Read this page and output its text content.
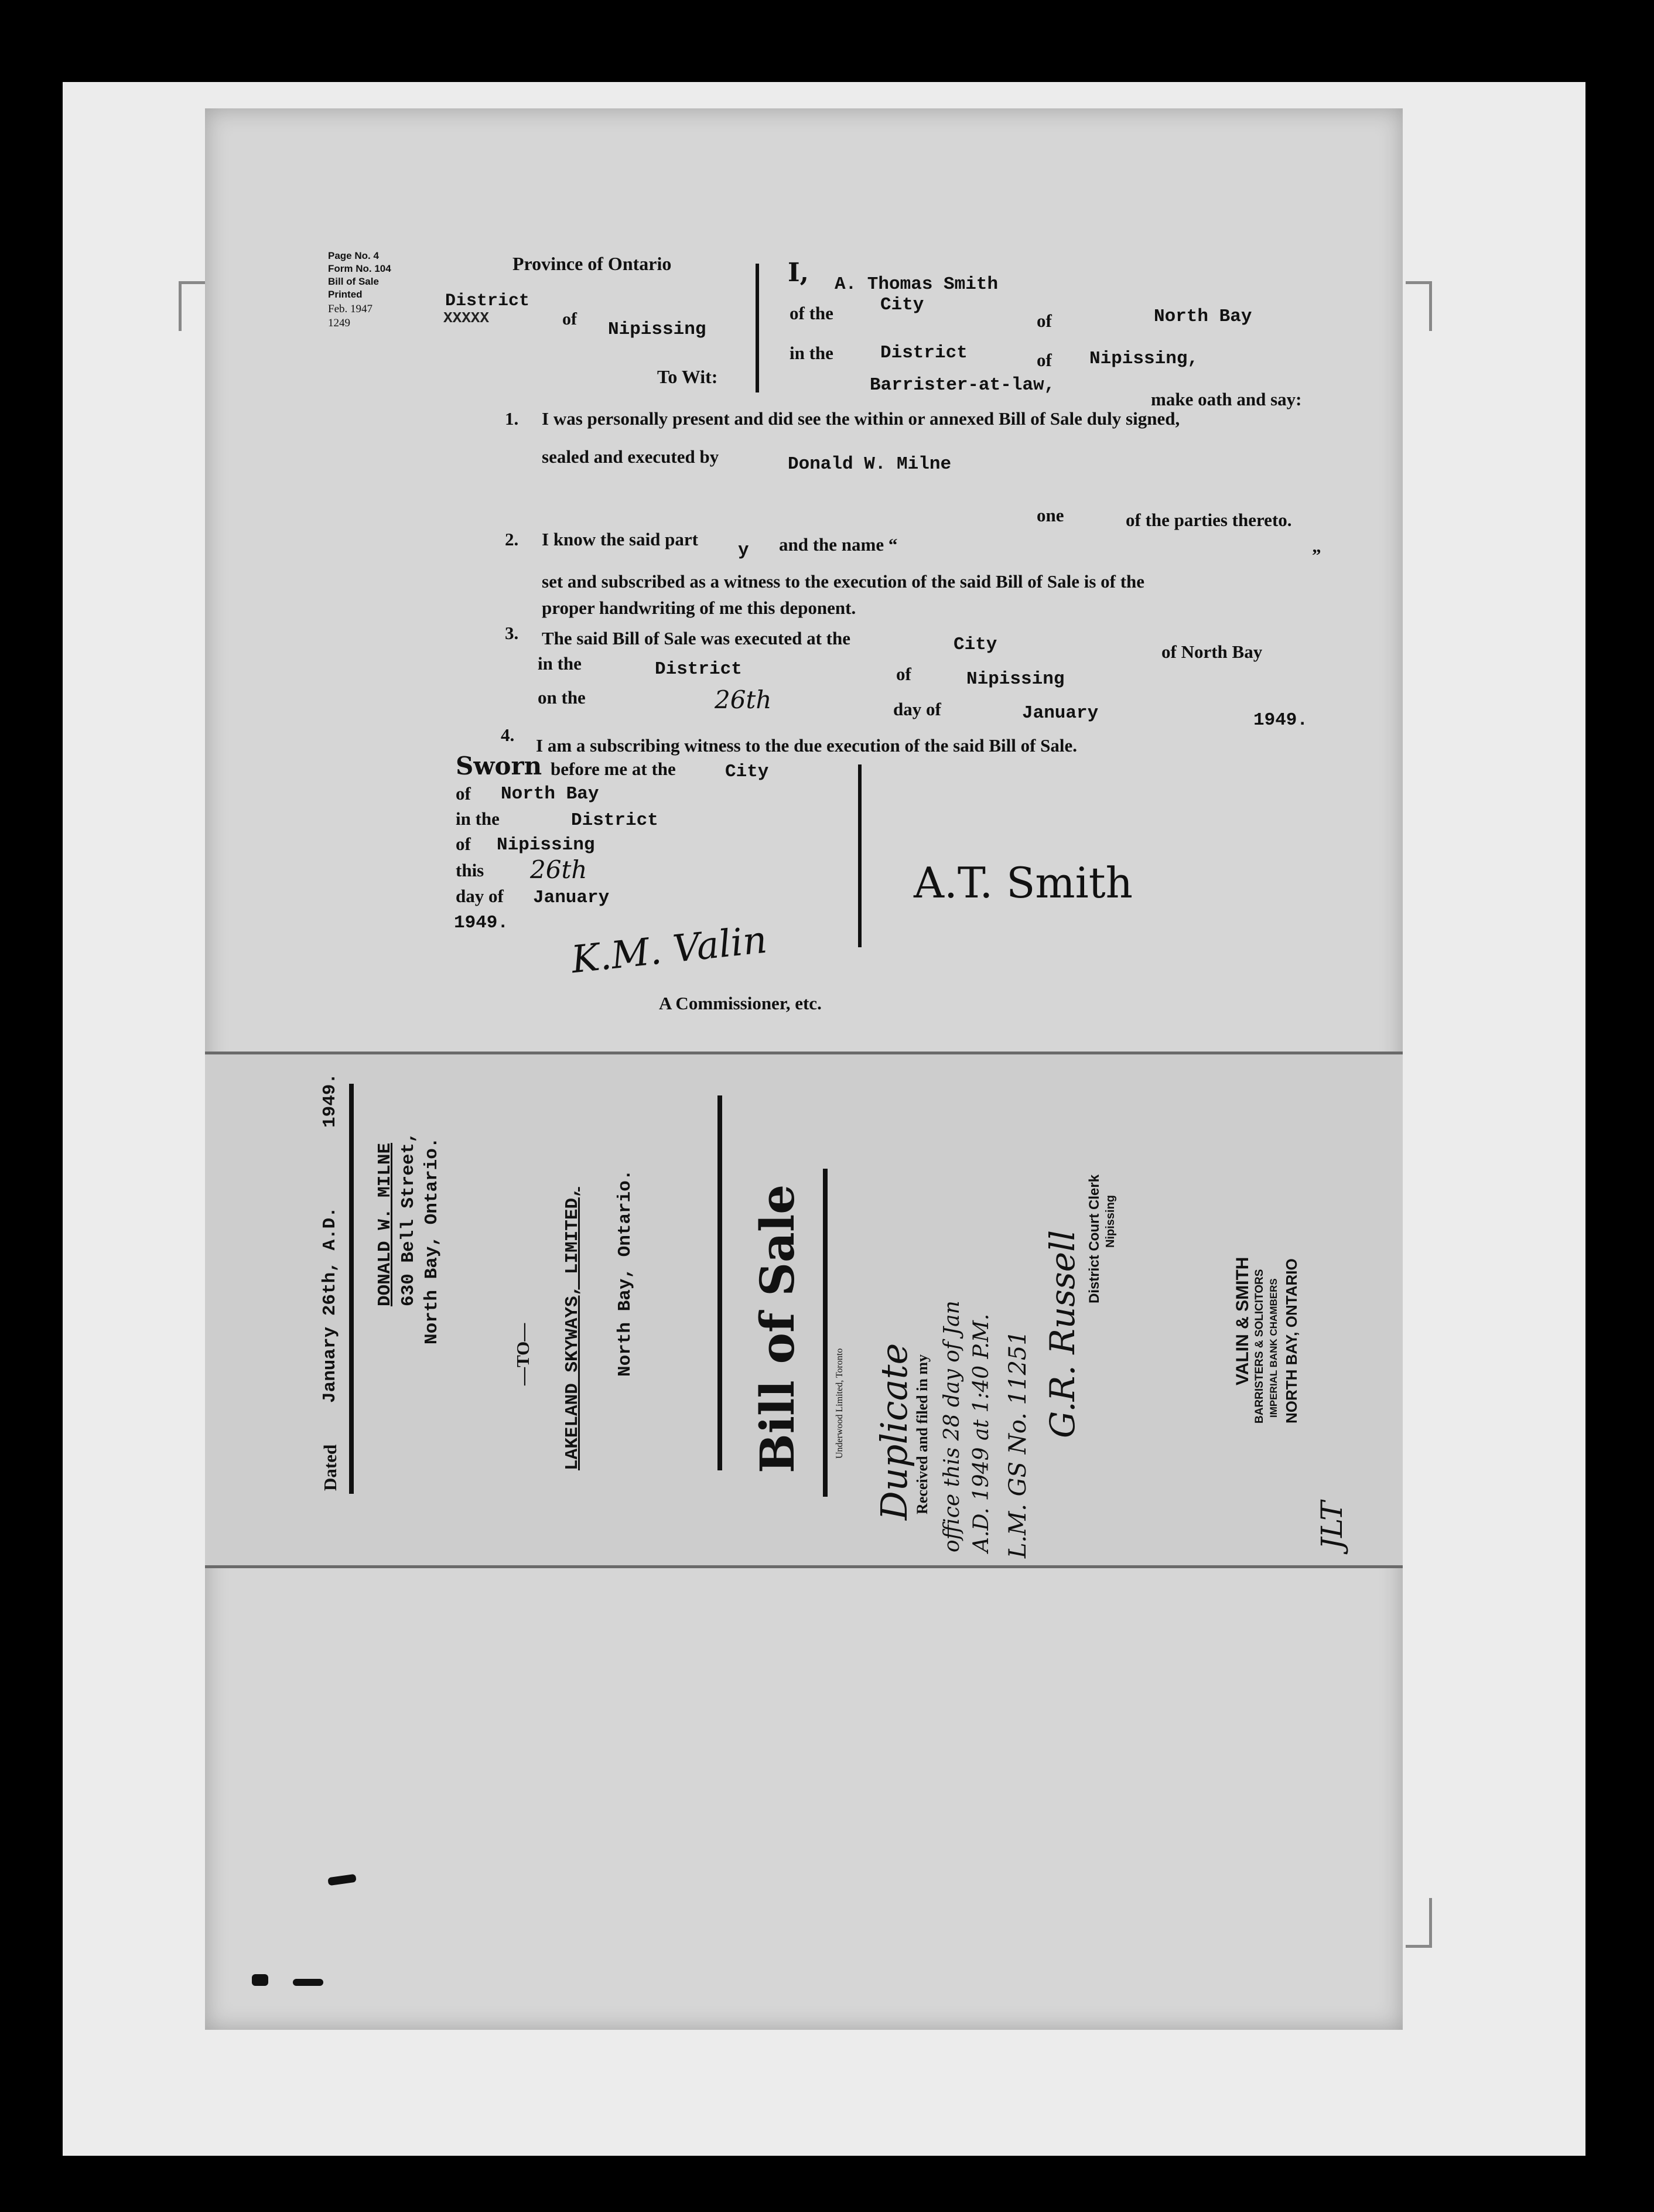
Page No. 4
Form No. 104
Bill of Sale
Printed
Feb. 1947
1249
Province of Ontario
District
XXXXX	of
Nipissing
To Wit:
I, A. Thomas Smith
of the	City
of	North Bay
in the	District	of Nipissing,
Barrister-at-law,
make oath and say:
1. I was personally present and did see the within or annexed Bill of Sale duly signed,
sealed and executed by	Donald W. Milne
one	of the parties thereto.
2. I know the said part
y and the name “
”
set and subscribed as a witness to the execution of the said Bill of Sale is of the
proper handwriting of me this deponent.
3. The said Bill of Sale was executed at the	City	of North Bay
in the	District	of	Nipissing
on the	26th	day of	January	1949.
4.
I am a subscribing witness to the due execution of the said Bill of Sale.
Sworn before me at the	City
of North Bay
in the	District
of Nipissing
this 26th
day of January
1949. K.M. Valin
A Commissioner, etc.
A.T. Smith
Dated
January 26th, A.D.
1949.
DONALD W. MILNE 630 Bell Street, North Bay, Ontario.
—TO— LAKELAND SKYWAYS, LIMITED, North Bay, Ontario. Bill of Sale	Underwood Limited, Toronto Duplicate
Received and filed in my office this 28 day of Jan A.D. 1949 at 1:40 P.M. L.M. GS No. 11251 G.R. Russell District Court Clerk Nipissing
VALIN & SMITH BARRISTERS & SOLICITORS IMPERIAL BANK CHAMBERS NORTH BAY, ONTARIO
JLT
